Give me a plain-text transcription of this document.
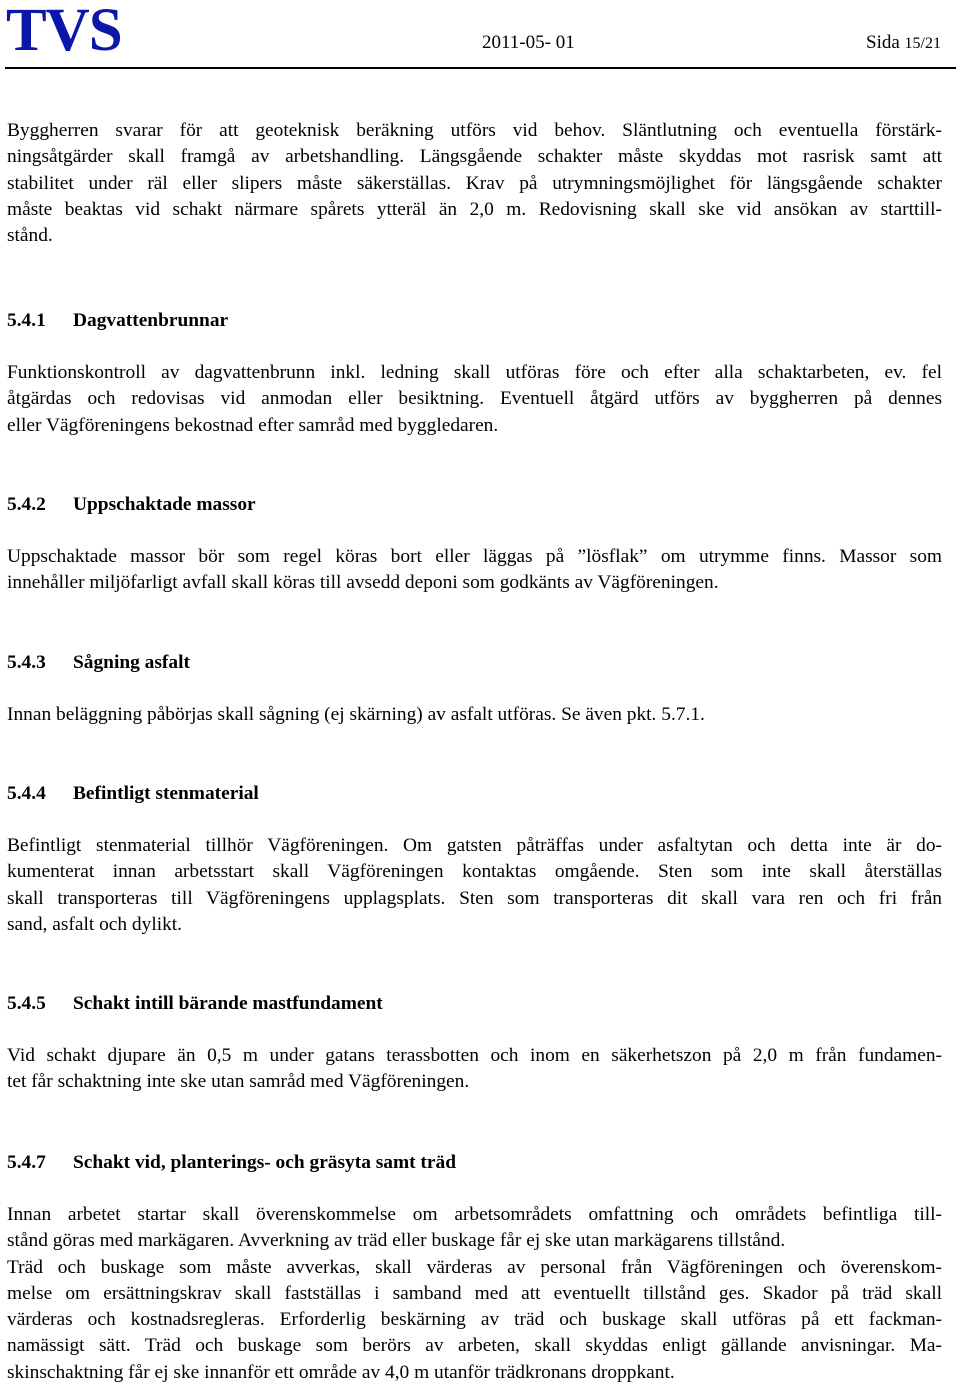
TVS	2011-05- 01	Sida 15/21
Byggherren svarar för att geoteknisk beräkning utförs vid behov. Släntlutning och eventuella förstärk-
ningsåtgärder skall framgå av arbetshandling. Längsgående schakter måste skyddas mot rasrisk samt att
stabilitet under räl eller slipers måste säkerställas. Krav på utrymningsmöjlighet för längsgående schakter
måste beaktas vid schakt närmare spårets ytteräl än 2,0 m. Redovisning skall ske vid ansökan av starttill-
stånd.
5.4.1 Dagvattenbrunnar
Funktionskontroll av dagvattenbrunn inkl. ledning skall utföras före och efter alla schaktarbeten, ev. fel
åtgärdas och redovisas vid anmodan eller besiktning. Eventuell åtgärd utförs av byggherren på dennes
eller Vägföreningens bekostnad efter samråd med byggledaren.
5.4.2 Uppschaktade massor
Uppschaktade massor bör som regel köras bort eller läggas på ”lösflak” om utrymme finns. Massor som
innehåller miljöfarligt avfall skall köras till avsedd deponi som godkänts av Vägföreningen.
5.4.3 Sågning asfalt
Innan beläggning påbörjas skall sågning (ej skärning) av asfalt utföras. Se även pkt. 5.7.1.
5.4.4 Befintligt stenmaterial
Befintligt stenmaterial tillhör Vägföreningen. Om gatsten påträffas under asfaltytan och detta inte är do-
kumenterat innan arbetsstart skall Vägföreningen kontaktas omgående. Sten som inte skall återställas
skall transporteras till Vägföreningens upplagsplats. Sten som transporteras dit skall vara ren och fri från
sand, asfalt och dylikt.
5.4.5 Schakt intill bärande mastfundament
Vid schakt djupare än 0,5 m under gatans terassbotten och inom en säkerhetszon på 2,0 m från fundamen-
tet får schaktning inte ske utan samråd med Vägföreningen.
5.4.7 Schakt vid, planterings- och gräsyta samt träd
Innan arbetet startar skall överenskommelse om arbetsområdets omfattning och områdets befintliga till-
stånd göras med markägaren. Avverkning av träd eller buskage får ej ske utan markägarens tillstånd.
Träd och buskage som måste avverkas, skall värderas av personal från Vägföreningen och överenskom-
melse om ersättningskrav skall fastställas i samband med att eventuellt tillstånd ges. Skador på träd skall
värderas och kostnadsregleras. Erforderlig beskärning av träd och buskage skall utföras på ett fackman-
namässigt sätt. Träd och buskage som berörs av arbeten, skall skyddas enligt gällande anvisningar. Ma-
skinschaktning får ej ske innanför ett område av 4,0 m utanför trädkronans droppkant.
